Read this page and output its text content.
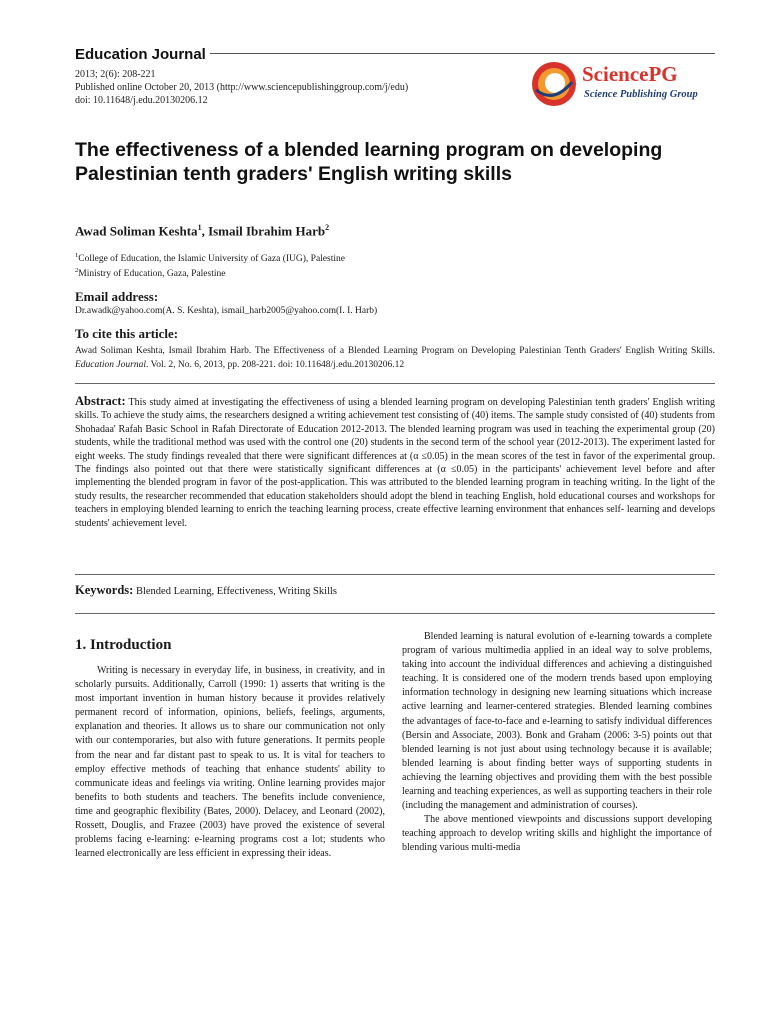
Education Journal
2013; 2(6): 208-221
Published online October 20, 2013 (http://www.sciencepublishinggroup.com/j/edu)
doi: 10.11648/j.edu.20130206.12
SciencePG
Science Publishing Group
The effectiveness of a blended learning program on developing Palestinian tenth graders' English writing skills
Awad Soliman Keshta$^1$, Ismail Ibrahim Harb$^2$
$^1$College of Education, the Islamic University of Gaza (IUG), Palestine
$^2$Ministry of Education, Gaza, Palestine
Email address:
Dr.awadk@yahoo.com(A. S. Keshta), ismail_harb2005@yahoo.com(I. I. Harb)
To cite this article:
Awad Soliman Keshta, Ismail Ibrahim Harb. The Effectiveness of a Blended Learning Program on Developing Palestinian Tenth Graders' English Writing Skills. Education Journal. Vol. 2, No. 6, 2013, pp. 208-221. doi: 10.11648/j.edu.20130206.12

Abstract: This study aimed at investigating the effectiveness of using a blended learning program on developing Palestinian tenth graders' English writing skills. To achieve the study aims, the researchers designed a writing achievement test consisting of (40) items. The sample study consisted of (40) students from Shohadaa' Rafah Basic School in Rafah Directorate of Education 2012-2013. The blended learning program was used in teaching the experimental group (20) students, while the traditional method was used with the control one (20) students in the second term of the school year (2012-2013). The experiment lasted for eight weeks. The study findings revealed that there were significant differences at (α ≤0.05) in the mean scores of the test in favor of the experimental group. The findings also pointed out that there were statistically significant differences at (α ≤0.05) in the participants' achievement level before and after implementing the blended program in favor of the post-application. This was attributed to the blended learning program in teaching writing. In the light of the study results, the researcher recommended that education stakeholders should adopt the blend in teaching English, hold educational courses and workshops for teachers in employing blended learning to enrich the teaching learning process, create effective learning environment that enhances self- learning and develops students' achievement level.

Keywords: Blended Learning, Effectiveness, Writing Skills
1. Introduction

Writing is necessary in everyday life, in business, in creativity, and in scholarly pursuits. Additionally, Carroll (1990: 1) asserts that writing is the most important invention in human history because it provides relatively permanent record of information, opinions, beliefs, feelings, arguments, explanation and theories. It allows us to share our communication not only with our contemporaries, but also with future generations. It permits people from the near and far distant past to speak to us. It is vital for teachers to employ effective methods of teaching that enhance students' ability to communicate ideas and feelings via writing. Online learning provides major benefits to both students and teachers. The benefits include convenience, time and geographic flexibility (Bates, 2000). Delacey, and Leonard (2002), Rossett, Douglis, and Frazee (2003) have proved the existence of several problems facing e-learning: e-learning programs cost a lot; students who learned electronically are less efficient in expressing their ideas.

Blended learning is natural evolution of e-learning towards a complete program of various multimedia applied in an ideal way to solve problems, taking into account the individual differences and achieving a distinguished teaching. It is considered one of the modern trends based upon employing information technology in designing new learning situations which increase active learning and learner-centered strategies. Blended learning combines the advantages of face-to-face and e-learning to satisfy individual differences (Bersin and Associate, 2003). Bonk and Graham (2006: 3-5) points out that blended learning is not just about using technology because it is available; blended learning is about finding better ways of supporting students in achieving the learning objectives and providing them with the best possible learning and teaching experiences, as well as supporting teachers in their role (including the management and administration of courses).

The above mentioned viewpoints and discussions support developing teaching approach to develop writing skills and highlight the importance of blending various multi-media
